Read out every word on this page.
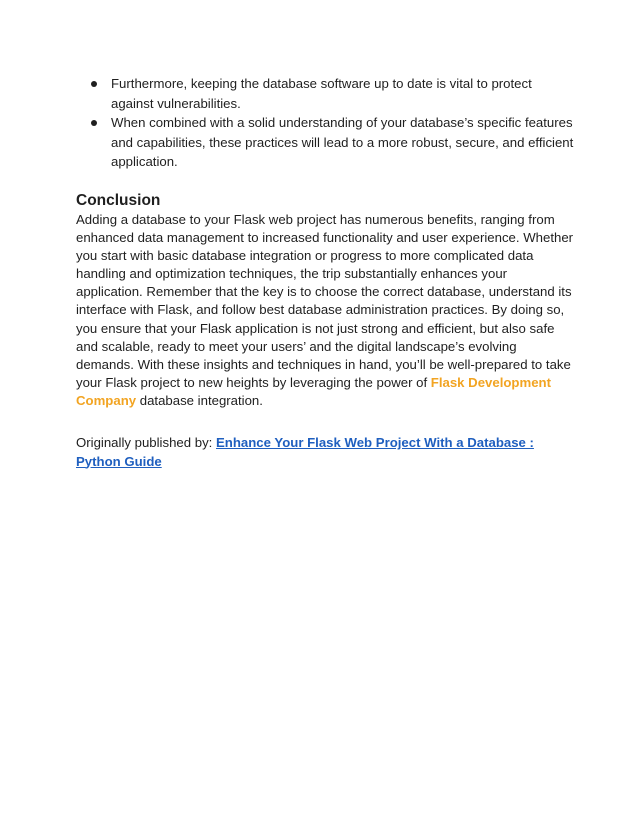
Furthermore, keeping the database software up to date is vital to protect against vulnerabilities.
When combined with a solid understanding of your database’s specific features and capabilities, these practices will lead to a more robust, secure, and efficient application.
Conclusion

Adding a database to your Flask web project has numerous benefits, ranging from enhanced data management to increased functionality and user experience. Whether you start with basic database integration or progress to more complicated data handling and optimization techniques, the trip substantially enhances your application. Remember that the key is to choose the correct database, understand its interface with Flask, and follow best database administration practices. By doing so, you ensure that your Flask application is not just strong and efficient, but also safe and scalable, ready to meet your users’ and the digital landscape’s evolving demands. With these insights and techniques in hand, you’ll be well-prepared to take your Flask project to new heights by leveraging the power of Flask Development Company database integration.

Originally published by: Enhance Your Flask Web Project With a Database : Python Guide
